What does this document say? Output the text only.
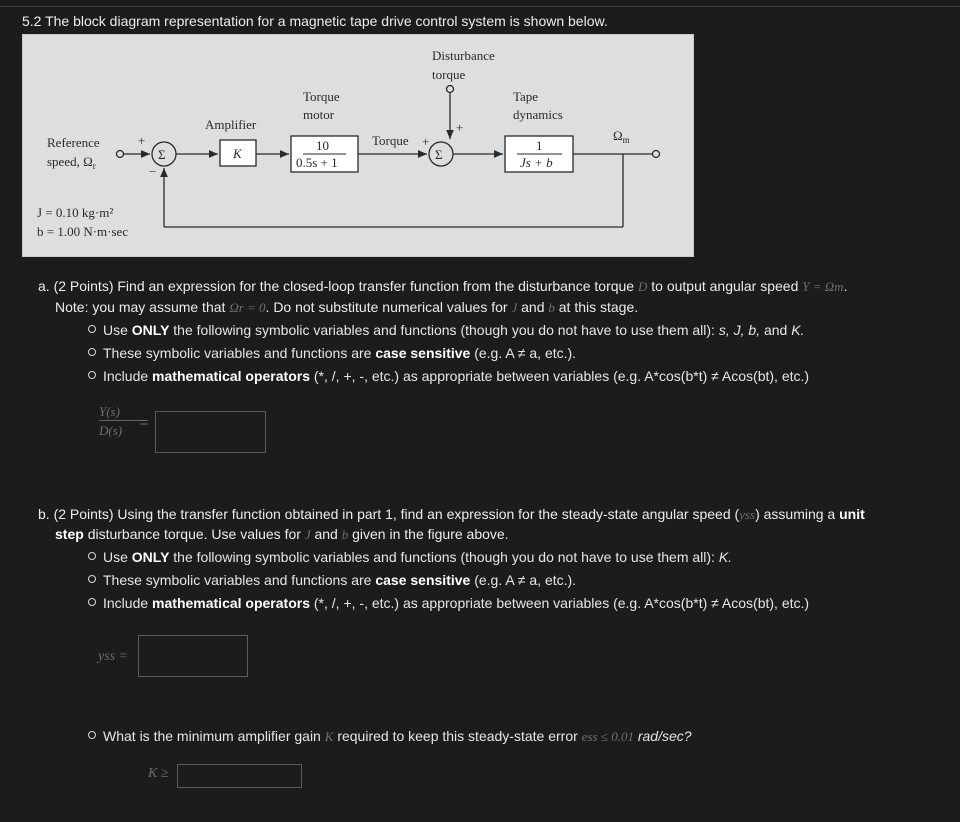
5.2 The block diagram representation for a magnetic tape drive control system is shown below.
Disturbance
torque
Reference
speed, $\Omega_r$
+
−
Σ
Amplifier
K
Torque
motor
10
0.5s + 1
Torque +
+
Σ
Tape
dynamics
1
Js + b
$\Omega_m$
J = 0.10 kg·m²
b = 1.00 N·m·sec
a. (2 Points) Find an expression for the closed-loop transfer function from the disturbance torque D to output angular speed Y = Ωm.
Note: you may assume that Ωr = 0. Do not substitute numerical values for J and b at this stage.
Use ONLY the following symbolic variables and functions (though you do not have to use them all): s, J, b, and K.
These symbolic variables and functions are case sensitive (e.g. A ≠ a, etc.).
Include mathematical operators (*, /, +, -, etc.) as appropriate between variables (e.g. A*cos(b*t) ≠ Acos(bt), etc.)
Y(s)
D(s)
=
b. (2 Points) Using the transfer function obtained in part 1, find an expression for the steady-state angular speed (yss) assuming a unit
step disturbance torque. Use values for J and b given in the figure above.
Use ONLY the following symbolic variables and functions (though you do not have to use them all): K.
These symbolic variables and functions are case sensitive (e.g. A ≠ a, etc.).
Include mathematical operators (*, /, +, -, etc.) as appropriate between variables (e.g. A*cos(b*t) ≠ Acos(bt), etc.)
yss =
What is the minimum amplifier gain K required to keep this steady-state error ess ≤ 0.01 rad/sec?
K ≥
